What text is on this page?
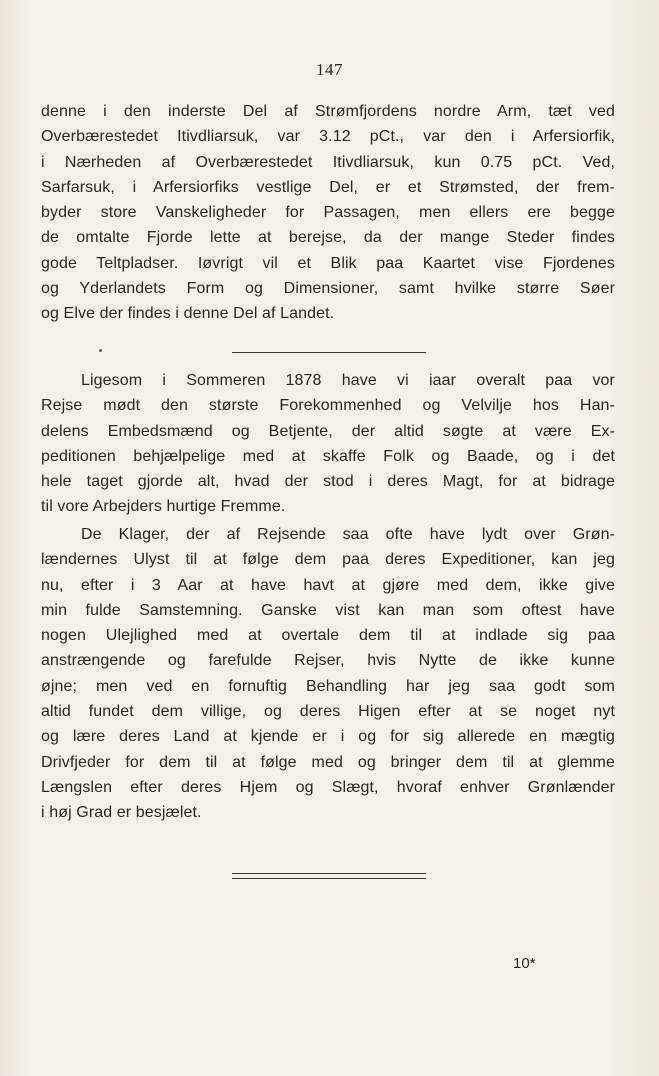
147
denne i den inderste Del af Strømfjordens nordre Arm, tæt ved
Overbærestedet Itivdliarsuk, var 3.12 pCt., var den i Arfersiorfik,
i Nærheden af Overbærestedet Itivdliarsuk, kun 0.75 pCt. Ved,
Sarfarsuk, i Arfersiorfiks vestlige Del, er et Strømsted, der frem-
byder store Vanskeligheder for Passagen, men ellers ere begge
de omtalte Fjorde lette at berejse, da der mange Steder findes
gode Teltpladser. Iøvrigt vil et Blik paa Kaartet vise Fjordenes
og Yderlandets Form og Dimensioner, samt hvilke større Søer
og Elve der findes i denne Del af Landet.
Ligesom i Sommeren 1878 have vi iaar overalt paa vor
Rejse mødt den største Forekommenhed og Velvilje hos Han-
delens Embedsmænd og Betjente, der altid søgte at være Ex-
peditionen behjælpelige med at skaffe Folk og Baade, og i det
hele taget gjorde alt, hvad der stod i deres Magt, for at bidrage
til vore Arbejders hurtige Fremme.
De Klager, der af Rejsende saa ofte have lydt over Grøn-
lændernes Ulyst til at følge dem paa deres Expeditioner, kan jeg
nu, efter i 3 Aar at have havt at gjøre med dem, ikke give
min fulde Samstemning. Ganske vist kan man som oftest have
nogen Ulejlighed med at overtale dem til at indlade sig paa
anstrængende og farefulde Rejser, hvis Nytte de ikke kunne
øjne; men ved en fornuftig Behandling har jeg saa godt som
altid fundet dem villige, og deres Higen efter at se noget nyt
og lære deres Land at kjende er i og for sig allerede en mægtig
Drivfjeder for dem til at følge med og bringer dem til at glemme
Længslen efter deres Hjem og Slægt, hvoraf enhver Grønlænder
i høj Grad er besjælet.
10*
